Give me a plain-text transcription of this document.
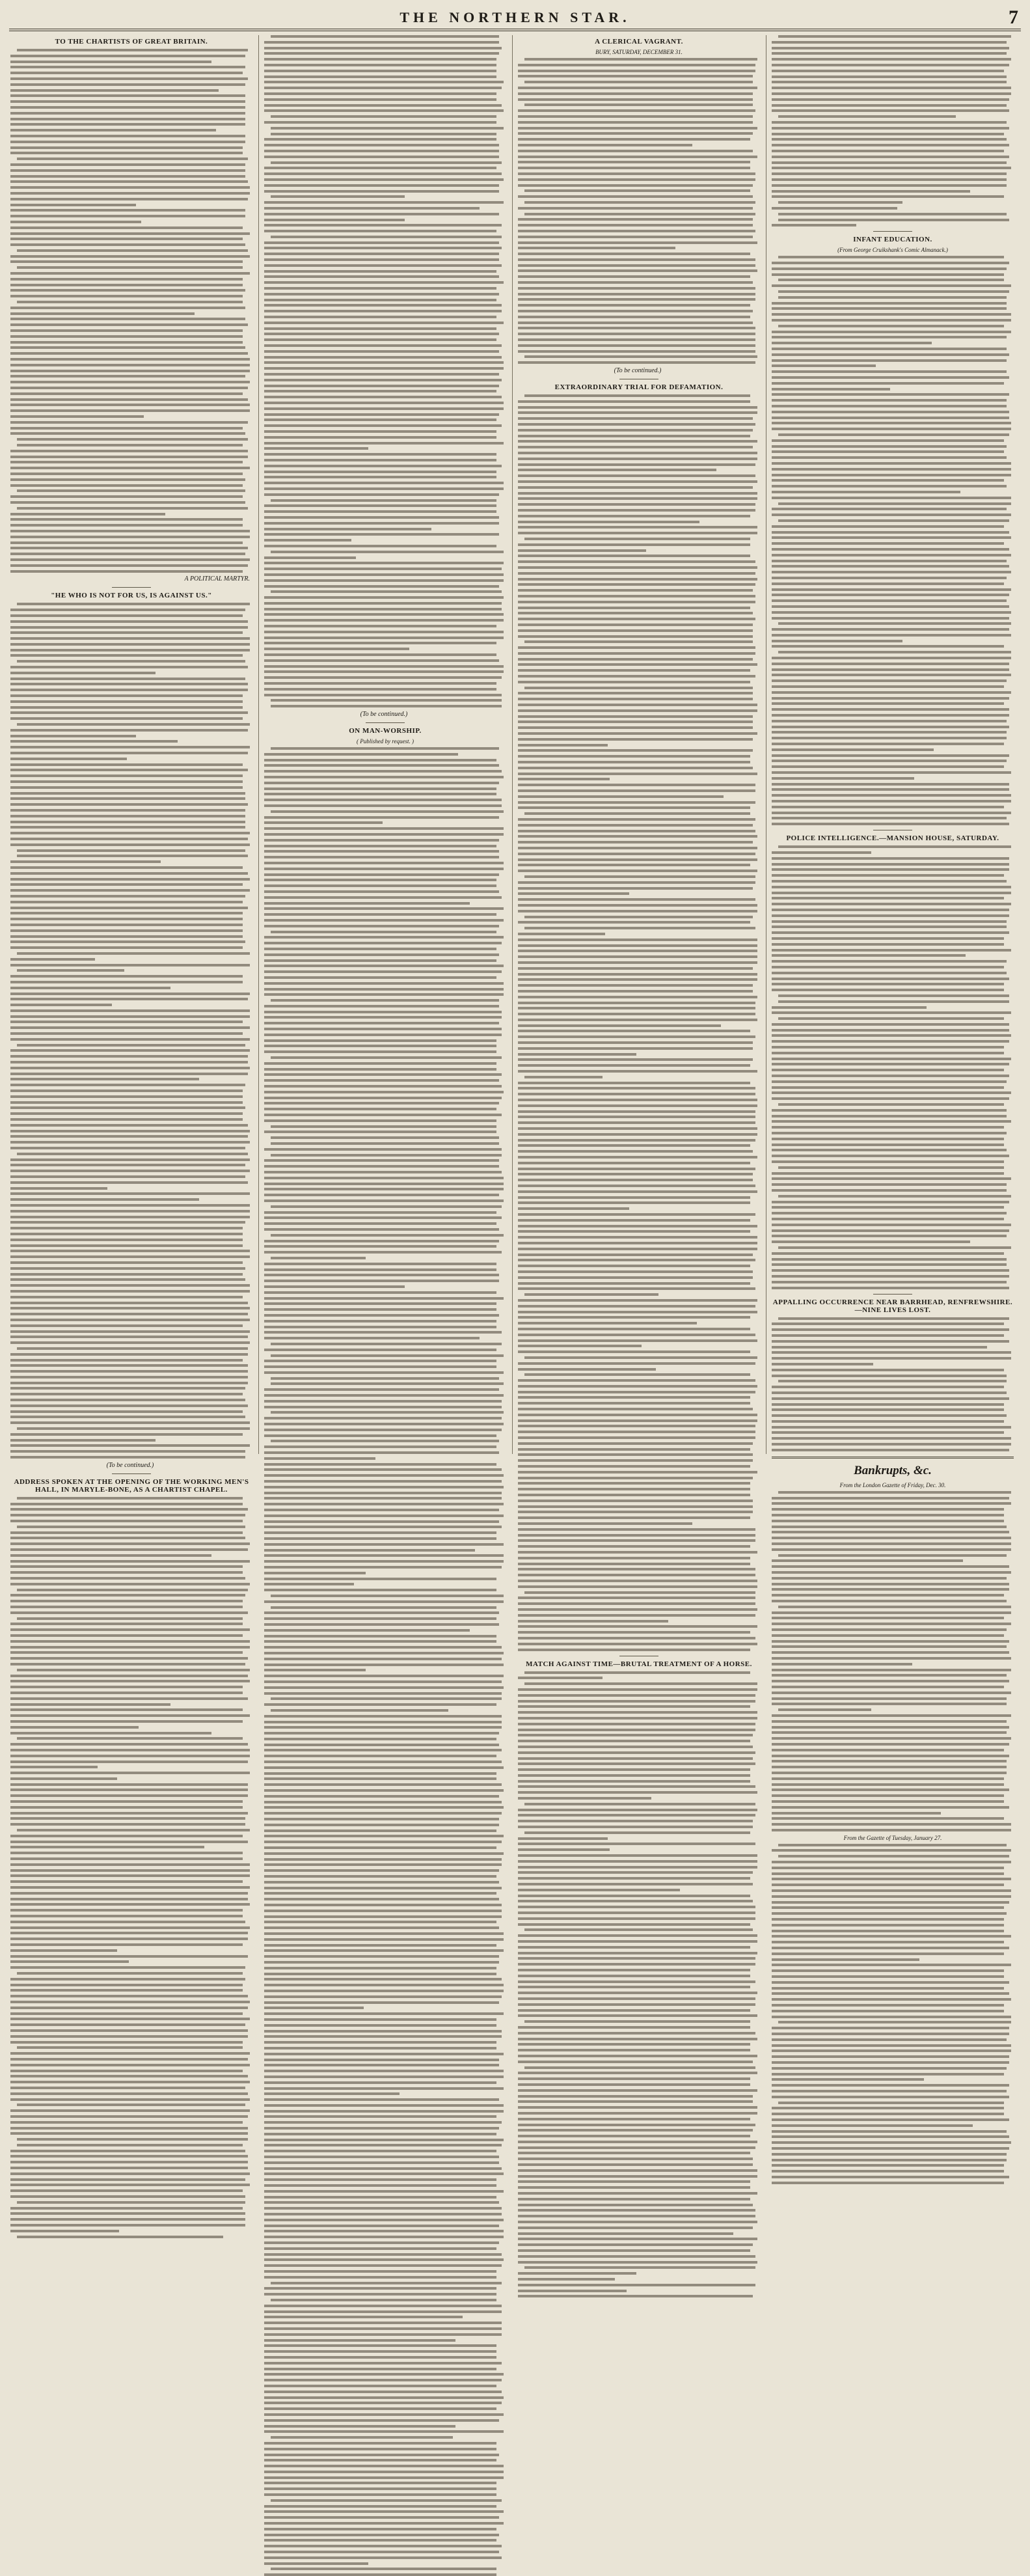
THE NORTHERN STAR.	7
TO THE CHARTISTS OF GREAT BRITAIN.
A POLITICAL MARTYR.
"HE WHO IS NOT FOR US, IS AGAINST US."
(To be continued.)
ADDRESS SPOKEN AT THE OPENING OF THE WORKING MEN'S HALL, IN MARYLE-BONE, AS A CHARTIST CHAPEL.
(To be continued.)
ON MAN-WORSHIP.
( Published by request. )
A CLERICAL VAGRANT.
BURY, SATURDAY, DECEMBER 31.
(To be continued.)
EXTRAORDINARY TRIAL FOR DEFAMATION.
MATCH AGAINST TIME—BRUTAL TREATMENT OF A HORSE.
INFANT EDUCATION.
(From George Cruikshank's Comic Almanack.)
POLICE INTELLIGENCE.—MANSION HOUSE, SATURDAY.
APPALLING OCCURRENCE NEAR BARRHEAD, RENFREWSHIRE.—NINE LIVES LOST.
Bankrupts, &c.
From the London Gazette of Friday, Dec. 30.
From the Gazette of Tuesday, January 27.
